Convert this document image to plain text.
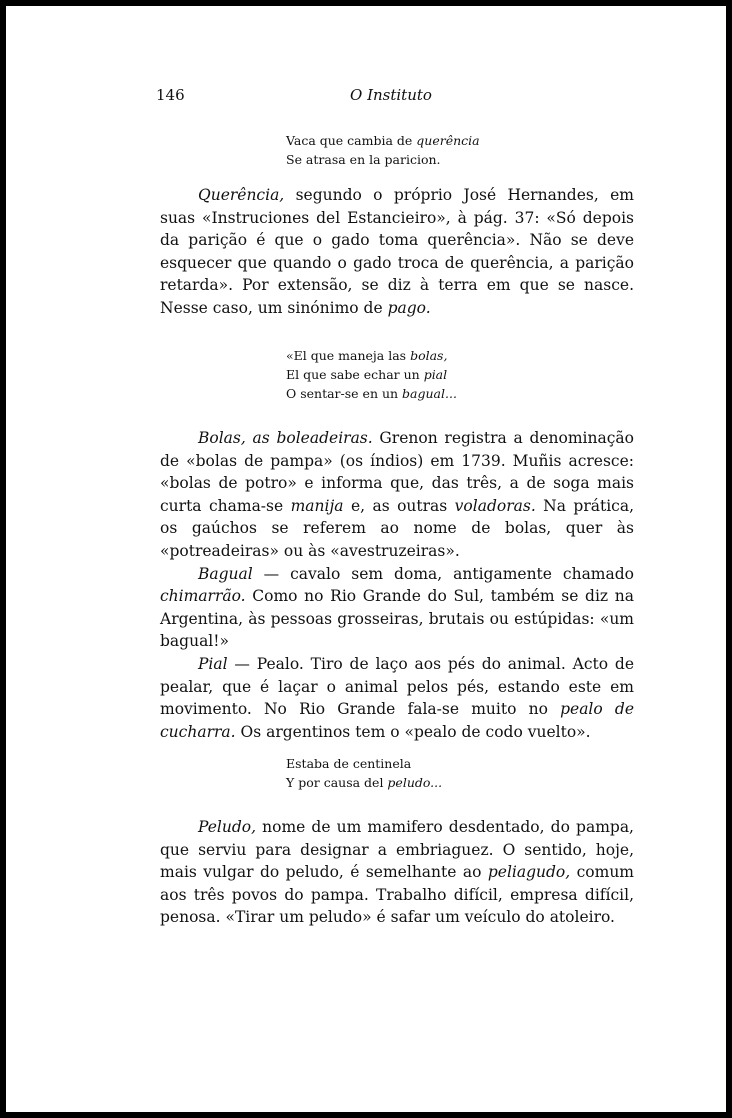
146	O Instituto
Vaca que cambia de querência
Se atrasa en la paricion.

Querência, segundo o próprio José Hernandes, em suas «Instruciones del Estancieiro», à pág. 37: «Só depois da parição é que o gado toma querência». Não se deve esquecer que quando o gado troca de querência, a parição retarda». Por extensão, se diz à terra em que se nasce. Nesse caso, um sinónimo de pago.

«El que maneja las bolas,
El que sabe echar un pial
O sentar-se en un bagual...

Bolas, as boleadeiras. Grenon registra a denominação de «bolas de pampa» (os índios) em 1739. Muñis acresce: «bolas de potro» e informa que, das três, a de soga mais curta chama-se manija e, as outras voladoras. Na prática, os gaúchos se referem ao nome de bolas, quer às «potreadeiras» ou às «avestruzeiras».

Bagual — cavalo sem doma, antigamente chamado chimarrão. Como no Rio Grande do Sul, também se diz na Argentina, às pessoas grosseiras, brutais ou estúpidas: «um bagual!»

Pial — Pealo. Tiro de laço aos pés do animal. Acto de pealar, que é laçar o animal pelos pés, estando este em movimento. No Rio Grande fala-se muito no pealo de cucharra. Os argentinos tem o «pealo de codo vuelto».

Estaba de centinela
Y por causa del peludo...

Peludo, nome de um mamifero desdentado, do pampa, que serviu para designar a embriaguez. O sentido, hoje, mais vulgar do peludo, é semelhante ao peliagudo, comum aos três povos do pampa. Trabalho difícil, empresa difícil, penosa. «Tirar um peludo» é safar um veículo do atoleiro.
